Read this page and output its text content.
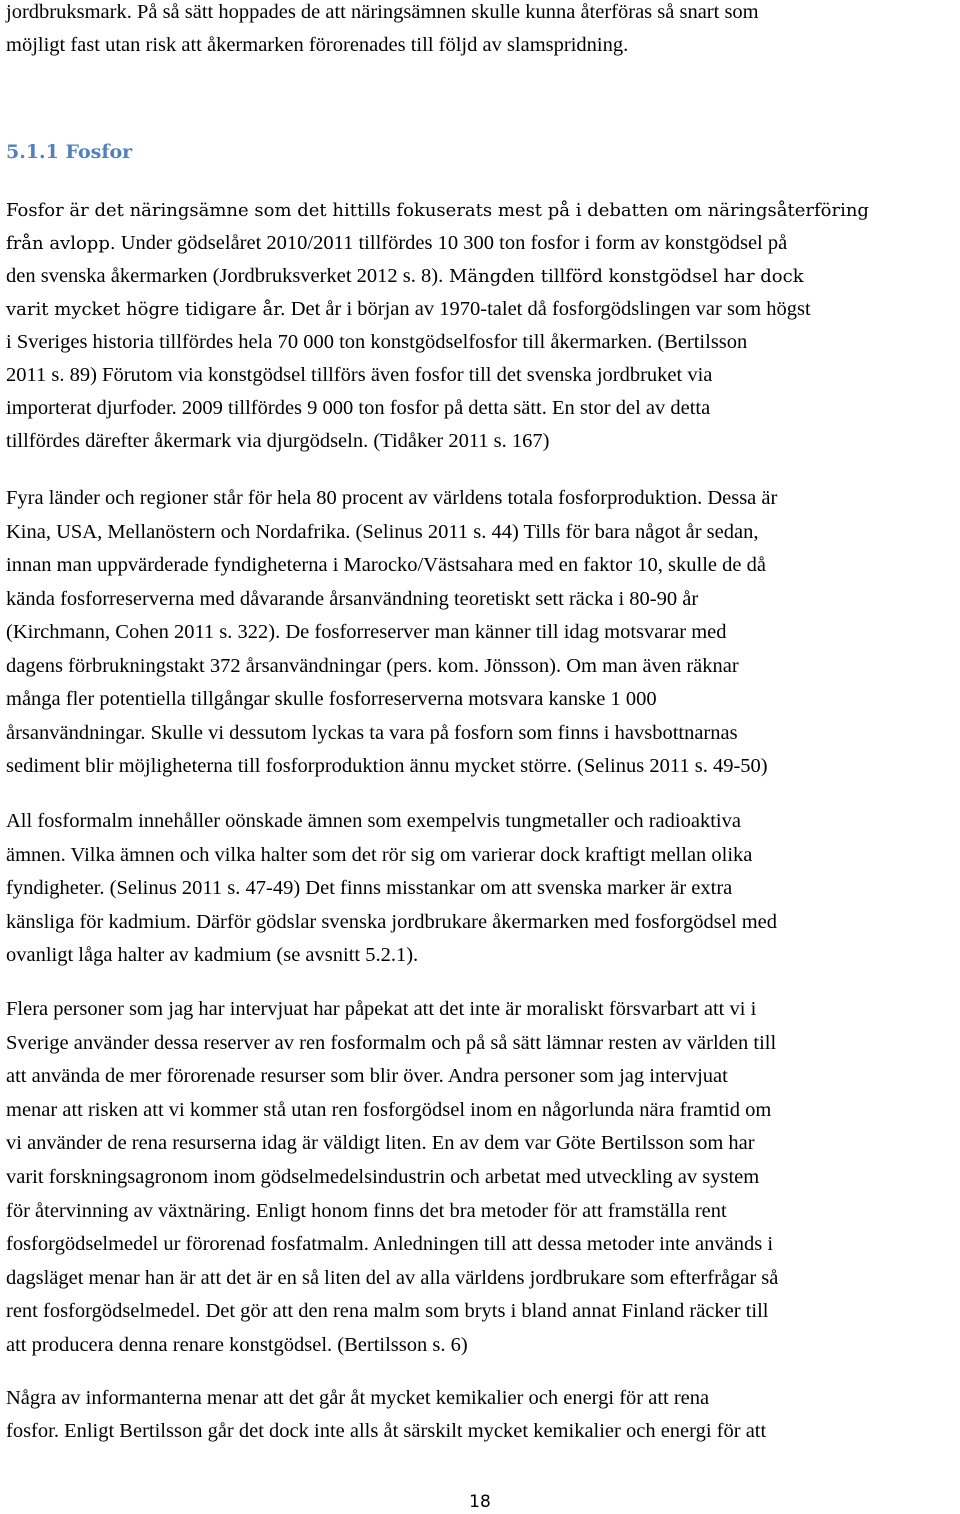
jordbruksmark. På så sätt hoppades de att näringsämnen skulle kunna återföras så snart som
möjligt fast utan risk att åkermarken förorenades till följd av slamspridning.
5.1.1 Fosfor
Fosfor är det näringsämne som det hittills fokuserats mest på i debatten om näringsåterföring
från avlopp. Under gödselåret 2010/2011 tillfördes 10 300 ton fosfor i form av konstgödsel på
den svenska åkermarken (Jordbruksverket 2012 s. 8). Mängden tillförd konstgödsel har dock
varit mycket högre tidigare år. Det år i början av 1970-talet då fosforgödslingen var som högst
i Sveriges historia tillfördes hela 70 000 ton konstgödselfosfor till åkermarken. (Bertilsson
2011 s. 89) Förutom via konstgödsel tillförs även fosfor till det svenska jordbruket via
importerat djurfoder. 2009 tillfördes 9 000 ton fosfor på detta sätt. En stor del av detta
tillfördes därefter åkermark via djurgödseln. (Tidåker 2011 s. 167)
Fyra länder och regioner står för hela 80 procent av världens totala fosforproduktion. Dessa är
Kina, USA, Mellanöstern och Nordafrika. (Selinus 2011 s. 44) Tills för bara något år sedan,
innan man uppvärderade fyndigheterna i Marocko/Västsahara med en faktor 10, skulle de då
kända fosforreserverna med dåvarande årsanvändning teoretiskt sett räcka i 80-90 år
(Kirchmann, Cohen 2011 s. 322). De fosforreserver man känner till idag motsvarar med
dagens förbrukningstakt 372 årsanvändningar (pers. kom. Jönsson). Om man även räknar
många fler potentiella tillgångar skulle fosforreserverna motsvara kanske 1 000
årsanvändningar. Skulle vi dessutom lyckas ta vara på fosforn som finns i havsbottnarnas
sediment blir möjligheterna till fosforproduktion ännu mycket större. (Selinus 2011 s. 49-50)
All fosformalm innehåller oönskade ämnen som exempelvis tungmetaller och radioaktiva
ämnen. Vilka ämnen och vilka halter som det rör sig om varierar dock kraftigt mellan olika
fyndigheter. (Selinus 2011 s. 47-49) Det finns misstankar om att svenska marker är extra
känsliga för kadmium. Därför gödslar svenska jordbrukare åkermarken med fosforgödsel med
ovanligt låga halter av kadmium (se avsnitt 5.2.1).
Flera personer som jag har intervjuat har påpekat att det inte är moraliskt försvarbart att vi i
Sverige använder dessa reserver av ren fosformalm och på så sätt lämnar resten av världen till
att använda de mer förorenade resurser som blir över. Andra personer som jag intervjuat
menar att risken att vi kommer stå utan ren fosforgödsel inom en någorlunda nära framtid om
vi använder de rena resurserna idag är väldigt liten. En av dem var Göte Bertilsson som har
varit forskningsagronom inom gödselmedelsindustrin och arbetat med utveckling av system
för återvinning av växtnäring. Enligt honom finns det bra metoder för att framställa rent
fosforgödselmedel ur förorenad fosfatmalm. Anledningen till att dessa metoder inte används i
dagsläget menar han är att det är en så liten del av alla världens jordbrukare som efterfrågar så
rent fosforgödselmedel. Det gör att den rena malm som bryts i bland annat Finland räcker till
att producera denna renare konstgödsel. (Bertilsson s. 6)
Några av informanterna menar att det går åt mycket kemikalier och energi för att rena
fosfor. Enligt Bertilsson går det dock inte alls åt särskilt mycket kemikalier och energi för att
18
